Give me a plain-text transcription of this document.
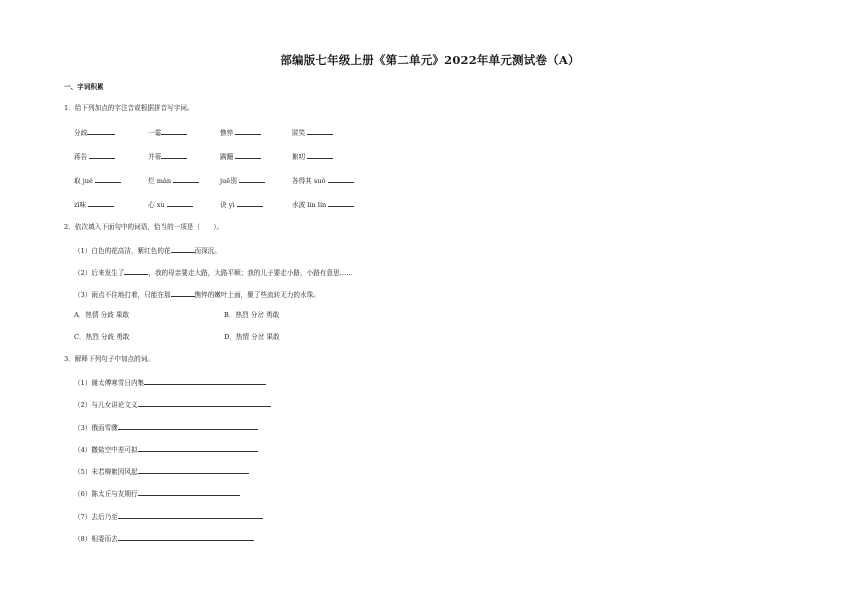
部编版七年级上册《第二单元》2022年单元测试卷（A）
一、字词积累
1．给下列加点的字注音或根据拼音写字词。
分歧	一霎	憔悴	匿笑
蒋告	并蒂	蹒跚	絮叨
取 jué	烂 màn	juē别	各得其 suǒ
zī味	心 xù	诀 yì	水波 lín lín
2．依次填入下面句中的词语，恰当的一项是（　　）。
（1）白色的花高洁，紫红色的花	而深沉。
（2）后来发生了	，我的母亲要走大路，大路平顺；我的儿子要走小路，小路有意思……
（3）雨点不住地打着，只能在那	憔悴的嫩叶上面，聚了些流转无力的水珠。
A．热情 分歧 果敢	B．热烈 分岔 勇敢
C．热烈 分歧 勇敢	D．热情 分岔 果敢
3．解释下列句子中加点的词。
（1）谢太傅寒雪日内集
（2）与儿女讲论文义
（3）俄而雪骤
（4）撒盐空中差可拟
（5）未若柳絮因风起
（6）陈太丘与友期行
（7）去后乃至
（8）相委而去
